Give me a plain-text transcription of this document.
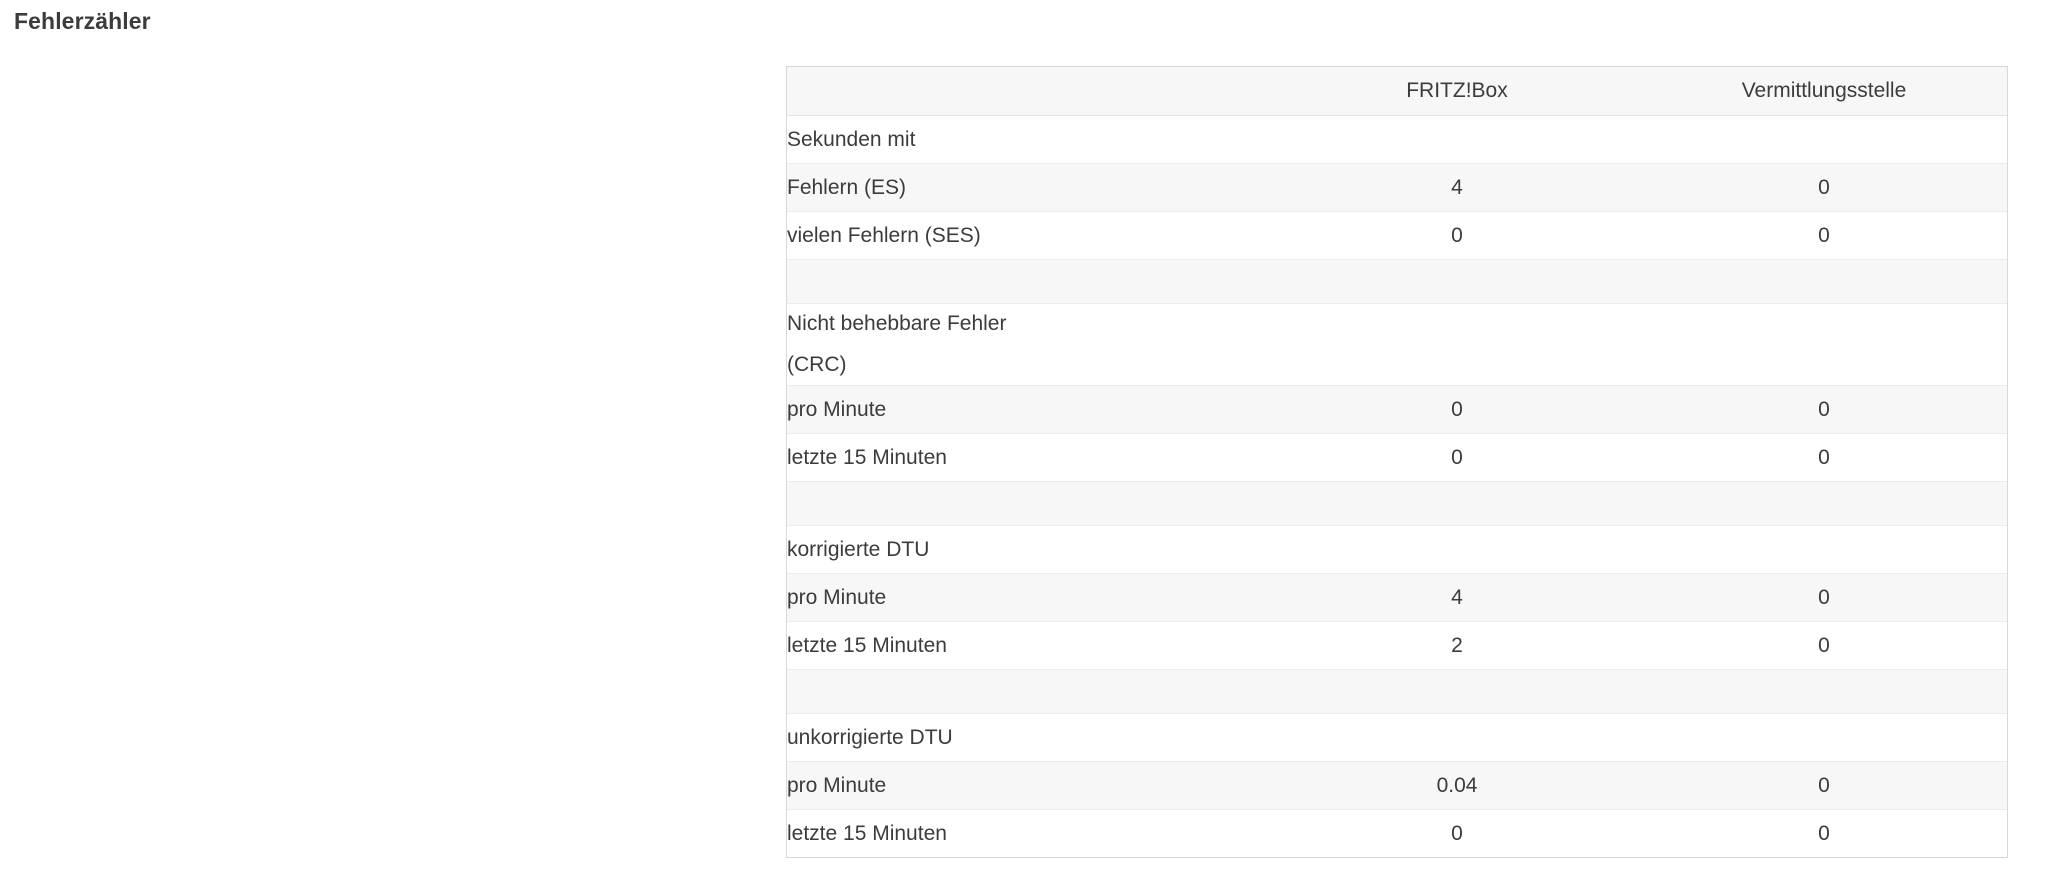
Fehlerzähler
	FRITZ!Box	Vermittlungsstelle
Sekunden mit		
Fehlern (ES)	4	0
vielen Fehlern (SES)	0	0

Nicht behebbare Fehler		
(CRC)		
pro Minute	0	0
letzte 15 Minuten	0	0

korrigierte DTU		
pro Minute	4	0
letzte 15 Minuten	2	0

unkorrigierte DTU		
pro Minute	0.04	0
letzte 15 Minuten	0	0
